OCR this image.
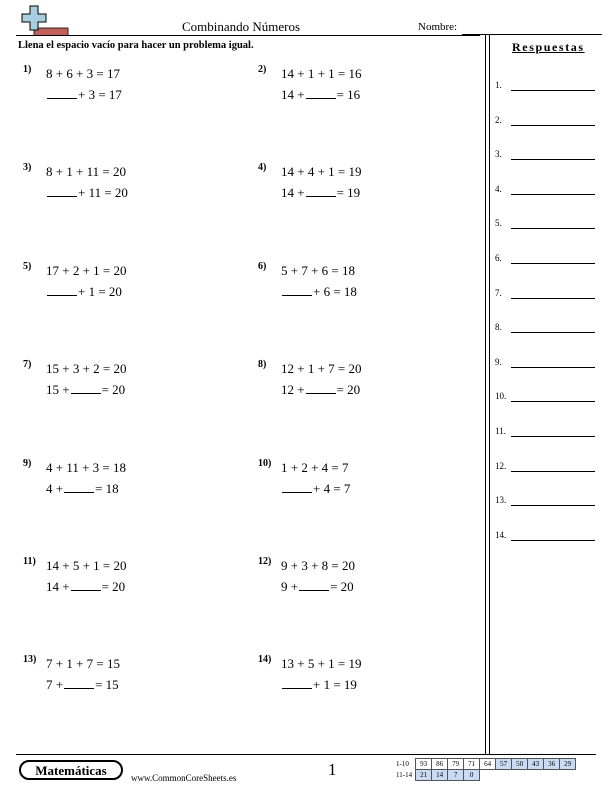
Combinando Números	Nombre:
Llena el espacio vacío para hacer un problema igual.	Respuestas
1.
2.
3.
4.
5.
6.
7.
8.
9.
10.
11.
12.
13.
14.
1) 8 + 6 + 3 = 17
+ 3 = 17
2) 14 + 1 + 1 = 16
14 + = 16
3) 8 + 1 + 11 = 20
+ 11 = 20
4) 14 + 4 + 1 = 19
14 + = 19
5) 17 + 2 + 1 = 20
+ 1 = 20
6) 5 + 7 + 6 = 18
+ 6 = 18
7) 15 + 3 + 2 = 20
15 + = 20
8) 12 + 1 + 7 = 20
12 + = 20
9) 4 + 11 + 3 = 18
4 + = 18
10) 1 + 2 + 4 = 7
+ 4 = 7
11) 14 + 5 + 1 = 20
14 + = 20
12) 9 + 3 + 8 = 20
9 + = 20
13) 7 + 1 + 7 = 15
7 + = 15
14) 13 + 5 + 1 = 19
+ 1 = 19
Matemáticas	www.CommonCoreSheets.es	1	1-10	93	86	79	71	64	57	50	43	36	29
11-14	21	14	7	0						
